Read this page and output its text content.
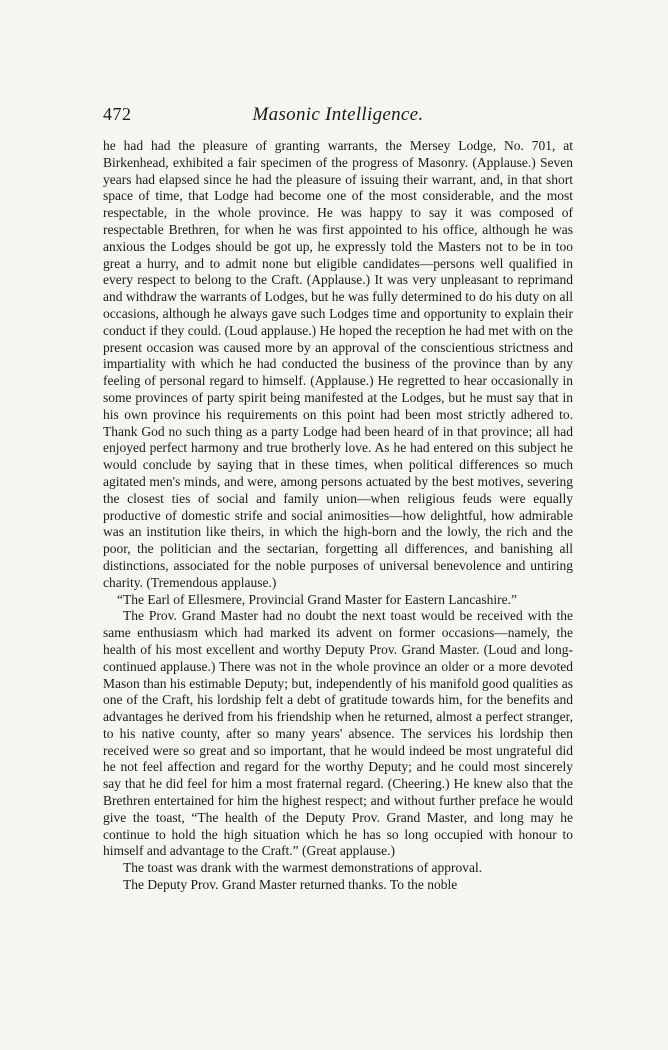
472	Masonic Intelligence.

he had had the pleasure of granting warrants, the Mersey Lodge, No. 701, at Birkenhead, exhibited a fair specimen of the progress of Masonry. (Applause.) Seven years had elapsed since he had the pleasure of issuing their warrant, and, in that short space of time, that Lodge had become one of the most considerable, and the most respectable, in the whole province. He was happy to say it was composed of respectable Brethren, for when he was first appointed to his office, although he was anxious the Lodges should be got up, he expressly told the Masters not to be in too great a hurry, and to admit none but eligible candidates—persons well qualified in every respect to belong to the Craft. (Applause.) It was very unpleasant to reprimand and withdraw the warrants of Lodges, but he was fully determined to do his duty on all occasions, although he always gave such Lodges time and opportunity to explain their conduct if they could. (Loud applause.) He hoped the reception he had met with on the present occasion was caused more by an approval of the conscientious strictness and impartiality with which he had conducted the business of the province than by any feeling of personal regard to himself. (Applause.) He regretted to hear occasionally in some provinces of party spirit being manifested at the Lodges, but he must say that in his own province his requirements on this point had been most strictly adhered to. Thank God no such thing as a party Lodge had been heard of in that province; all had enjoyed perfect harmony and true brotherly love. As he had entered on this subject he would conclude by saying that in these times, when political differences so much agitated men's minds, and were, among persons actuated by the best motives, severing the closest ties of social and family union—when religious feuds were equally productive of domestic strife and social animosities—how delightful, how admirable was an institution like theirs, in which the high-born and the lowly, the rich and the poor, the politician and the sectarian, forgetting all differences, and banishing all distinctions, associated for the noble purposes of universal benevolence and untiring charity. (Tremendous applause.)

“The Earl of Ellesmere, Provincial Grand Master for Eastern Lancashire.”

The Prov. Grand Master had no doubt the next toast would be received with the same enthusiasm which had marked its advent on former occasions—namely, the health of his most excellent and worthy Deputy Prov. Grand Master. (Loud and long-continued applause.) There was not in the whole province an older or a more devoted Mason than his estimable Deputy; but, independently of his manifold good qualities as one of the Craft, his lordship felt a debt of gratitude towards him, for the benefits and advantages he derived from his friendship when he returned, almost a perfect stranger, to his native county, after so many years' absence. The services his lordship then received were so great and so important, that he would indeed be most ungrateful did he not feel affection and regard for the worthy Deputy; and he could most sincerely say that he did feel for him a most fraternal regard. (Cheering.) He knew also that the Brethren entertained for him the highest respect; and without further preface he would give the toast, “The health of the Deputy Prov. Grand Master, and long may he continue to hold the high situation which he has so long occupied with honour to himself and advantage to the Craft.” (Great applause.)

The toast was drank with the warmest demonstrations of approval.

The Deputy Prov. Grand Master returned thanks. To the noble
